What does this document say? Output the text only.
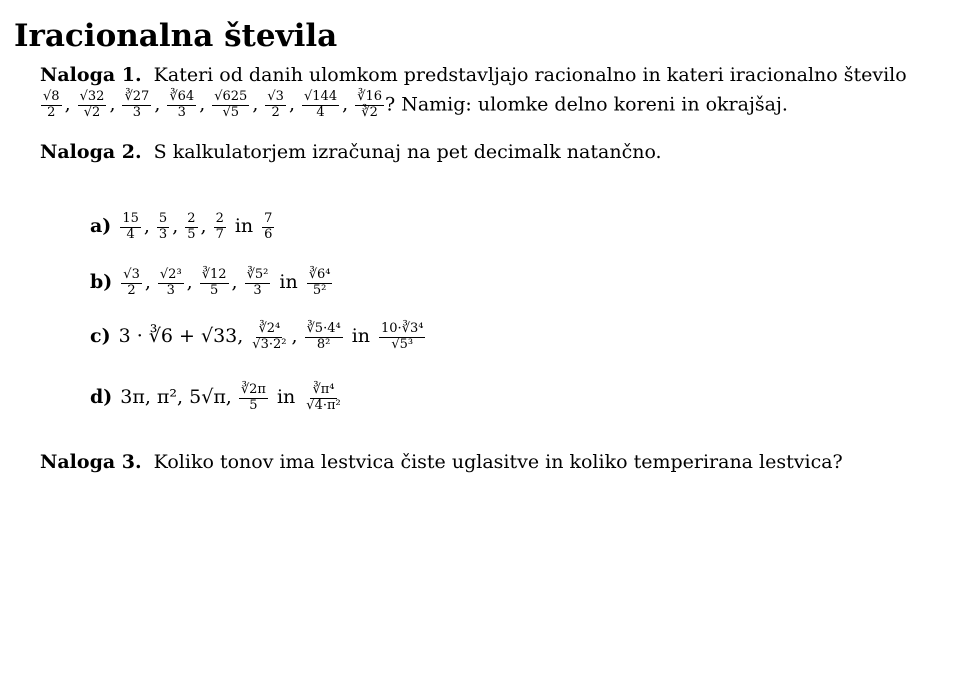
Iracionalna števila
Naloga 1. Kateri od danih ulomkom predstavljajo racionalno in kateri iracionalno število
$\frac{√8}{2}$ , $\frac{√32}{√2}$ , $\frac{∛27}{3}$ , $\frac{∛64}{3}$ , $\frac{√625}{√5}$ , $\frac{√3}{2}$ , $\frac{√144}{4}$ , $\frac{∛16}{∛2}$ ? Namig: ulomke delno koreni in okrajšaj.
Naloga 2. S kalkulatorjem izračunaj na pet decimalk natančno.
$a) \frac{15}{4}$ , $\frac{5}{3}$ , $\frac{2}{5}$ , $\frac{2}{7}$ in $\frac{7}{6}$
$b) \frac{√3}{2}$ , $\frac{\text{√2³}}{3}$ , $\frac{∛12}{5}$ , $\frac{\text{∛5²}}{3}$ in $\frac{\text{∛6⁴}}{\text{5²}}$
c) 3 · ∛6 + √33, $\frac{\text{∛2⁴}}{\text{√3·2²}}$ , $\frac{\text{∛5·4⁴}}{\text{8²}}$ in $\frac{\text{10·∛3⁴}}{\text{√5³}}$
d) 3π, π², 5√π, $\frac{∛2\pi}{5}$ in $\frac{\text{∛π⁴}}{\text{√4·π²}}$
Naloga 3. Koliko tonov ima lestvica čiste uglasitve in koliko temperirana lestvica?
